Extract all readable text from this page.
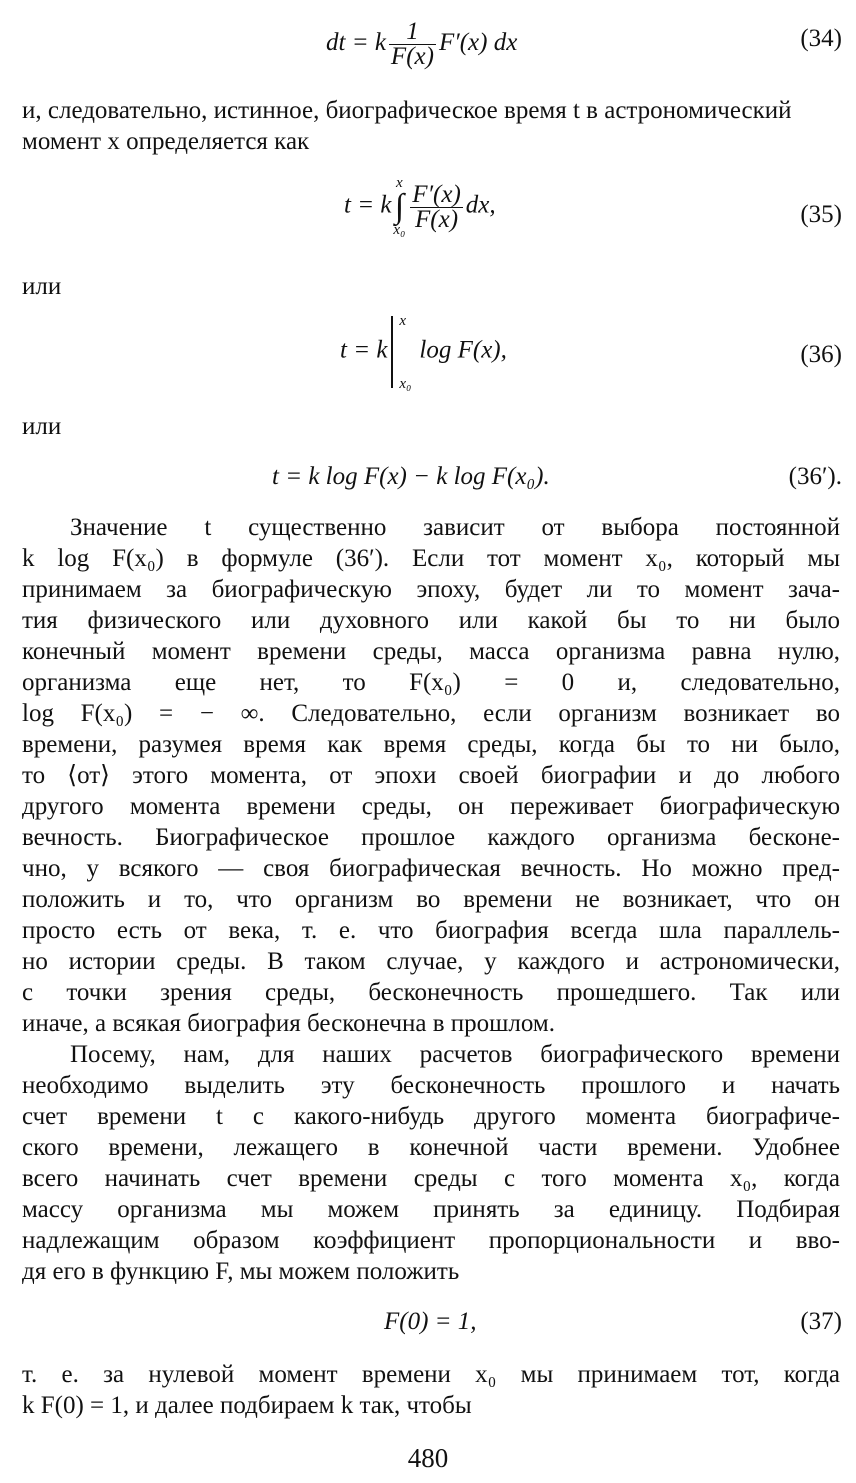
dt = k $\frac{1}{F(x)} F'(x)$ dx	(34)
и, следовательно, истинное, биографическое время t в астрономический момент x определяется как
t = k
x
∫
$x_0 \frac{F'(x)}{F(x)}$ dx,	(35)
или
t = k
x
x₀
log F(x),	(36)
или
t = k log F(x) − k log F(x₀).	(36′).
Значение t существенно зависит от выбора постоянной
k log F(x₀) в формуле (36′). Если тот момент x₀, который мы
принимаем за биографическую эпоху, будет ли то момент зача-
тия физического или духовного или какой бы то ни было
конечный момент времени среды, масса организма равна нулю,
организма еще нет, то F(x₀) = 0 и, следовательно,
log F(x₀) = − ∞. Следовательно, если организм возникает во
времени, разумея время как время среды, когда бы то ни было,
то ⟨от⟩ этого момента, от эпохи своей биографии и до любого
другого момента времени среды, он переживает биографическую
вечность. Биографическое прошлое каждого организма бесконе-
чно, у всякого — своя биографическая вечность. Но можно пред-
положить и то, что организм во времени не возникает, что он
просто есть от века, т. е. что биография всегда шла параллель-
но истории среды. В таком случае, у каждого и астрономически,
с точки зрения среды, бесконечность прошедшего. Так или
иначе, а всякая биография бесконечна в прошлом.
Посему, нам, для наших расчетов биографического времени
необходимо выделить эту бесконечность прошлого и начать
счет времени t с какого-нибудь другого момента биографиче-
ского времени, лежащего в конечной части времени. Удобнее
всего начинать счет времени среды с того момента x₀, когда
массу организма мы можем принять за единицу. Подбирая
надлежащим образом коэффициент пропорциональности и вво-
дя его в функцию F, мы можем положить
F(0) = 1,	(37)
т. е. за нулевой момент времени x₀ мы принимаем тот, когда
k F(0) = 1, и далее подбираем k так, чтобы
480
